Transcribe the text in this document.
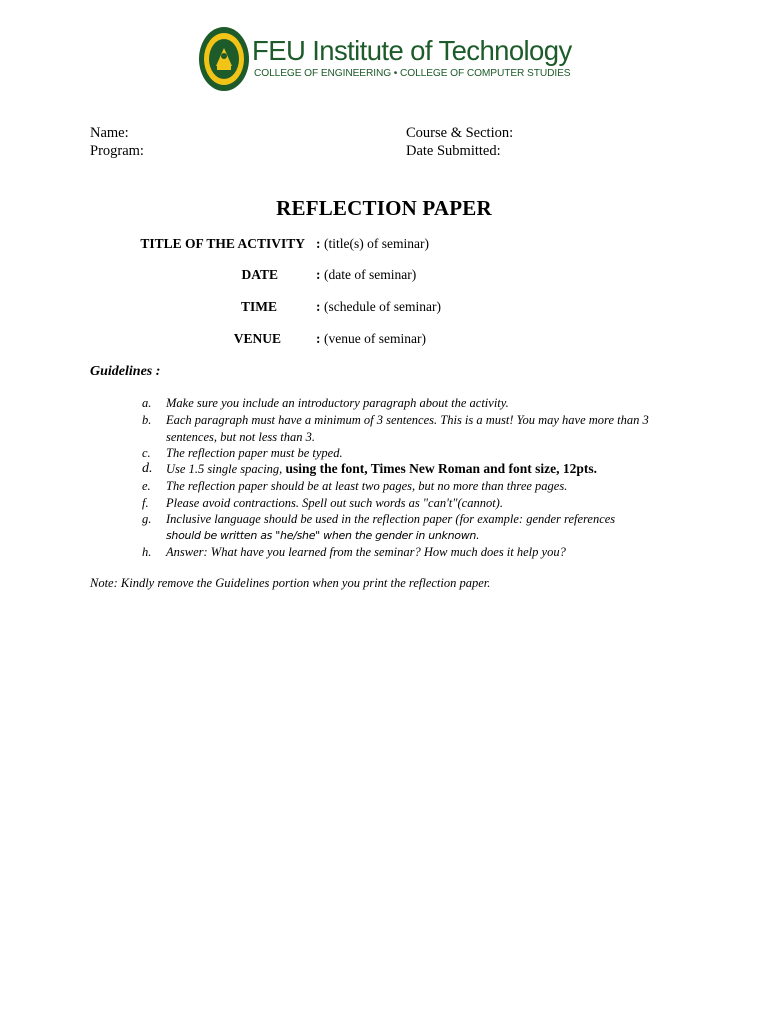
FEU Institute of Technology
COLLEGE OF ENGINEERING • COLLEGE OF COMPUTER STUDIES
Name:
Program:
Course & Section:
Date Submitted:
REFLECTION PAPER
TITLE OF THE ACTIVITY : (title(s) of seminar)
DATE	: (date of seminar)
TIME	: (schedule of seminar)
VENUE	: (venue of seminar)
Guidelines :
a.	Make sure you include an introductory paragraph about the activity.
b.	Each paragraph must have a minimum of 3 sentences. This is a must! You may have more than 3 sentences, but not less than 3.
c.	The reflection paper must be typed.
d.	Use 1.5 single spacing, using the font, Times New Roman and font size, 12pts.
e.	The reflection paper should be at least two pages, but no more than three pages.
f.	Please avoid contractions. Spell out such words as "can't"(cannot).
g.	Inclusive language should be used in the reflection paper (for example: gender references
should be written as "he/she" when the gender in unknown.
h.	Answer: What have you learned from the seminar? How much does it help you?
Note: Kindly remove the Guidelines portion when you print the reflection paper.
